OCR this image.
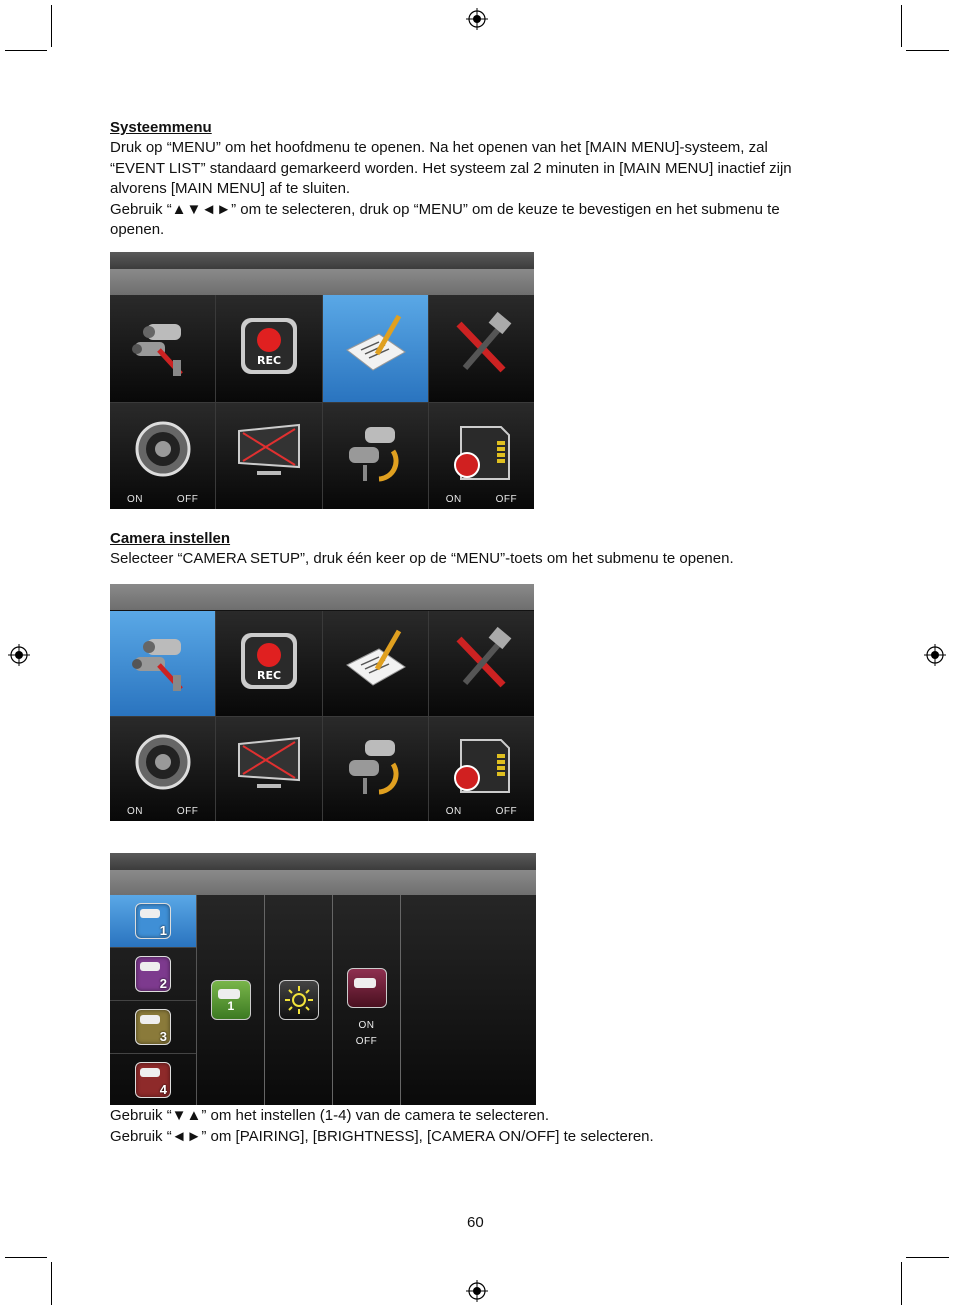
Systeemmenu
Druk op “MENU” om het hoofdmenu te openen. Na het openen van het [MAIN MENU]-systeem, zal
“EVENT LIST” standaard gemarkeerd worden. Het systeem zal 2 minuten in [MAIN MENU] inactief zijn
alvorens [MAIN MENU] af te sluiten.
Gebruik “▲▼◄►” om te selecteren, druk op “MENU” om de keuze te bevestigen en het submenu te
openen.
REC
ON	OFF	ON	OFF
Camera instellen
Selecteer “CAMERA SETUP”, druk één keer op de “MENU”-toets om het submenu te openen.
REC
ON	OFF	ON	OFF
1
2
3
4
1
ON
OFF
Gebruik “▼▲” om het instellen (1-4) van de camera te selecteren.
Gebruik “◄►” om [PAIRING], [BRIGHTNESS], [CAMERA ON/OFF] te selecteren.
60
